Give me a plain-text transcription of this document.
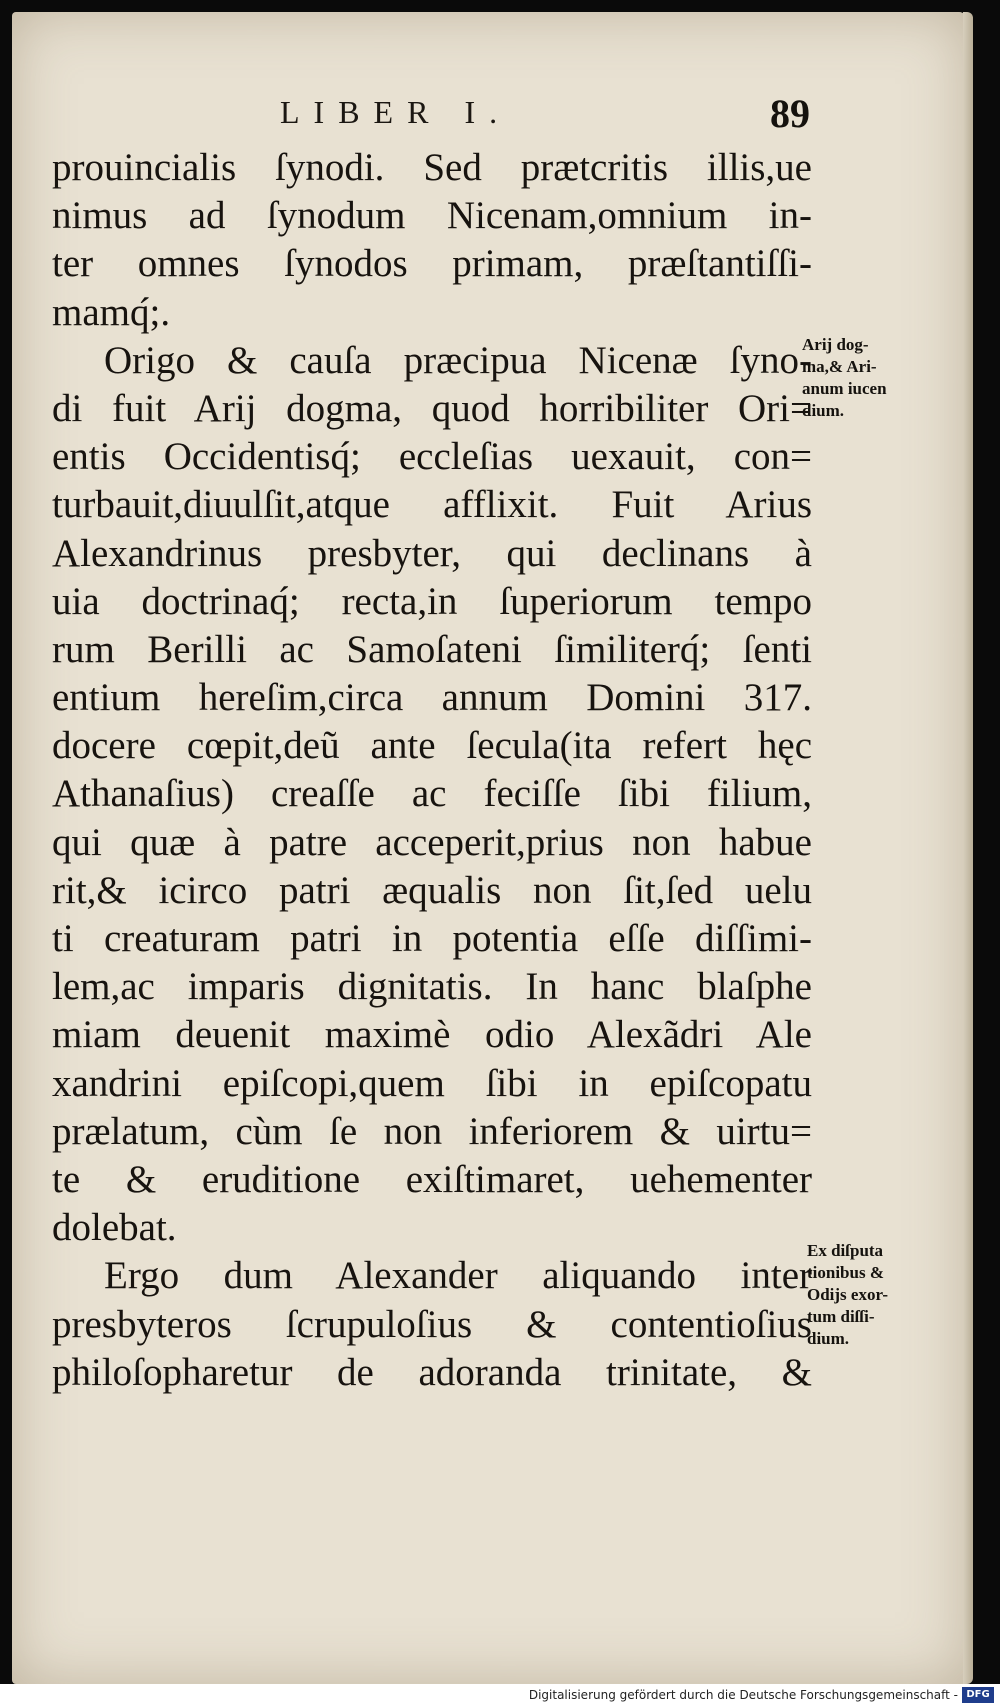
LIBER I.	89
prouincialis ſynodi. Sed prætcritis illis,ue
nimus ad ſynodum Nicenam,omnium in-
ter omnes ſynodos primam, præſtantiſſi-
mamq́;.
Origo & cauſa præcipua Nicenæ ſyno-
di fuit Arij dogma, quod horribiliter Ori=
entis Occidentisq́; eccleſias uexauit, con=
turbauit,diuulſit,atque afflixit. Fuit Arius
Alexandrinus presbyter, qui declinans à
uia doctrinaq́; recta,in ſuperiorum tempo
rum Berilli ac Samoſateni ſimiliterq́; ſenti
entium hereſim,circa annum Domini 317.
docere cœpit,deũ ante ſecula(ita refert hęc
Athanaſius) creaſſe ac feciſſe ſibi filium,
qui quæ à patre acceperit,prius non habue
rit,& icirco patri æqualis non ſit,ſed uelu
ti creaturam patri in potentia eſſe diſſimi-
lem,ac imparis dignitatis. In hanc blaſphe
miam deuenit maximè odio Alexãdri Ale
xandrini epiſcopi,quem ſibi in epiſcopatu
prælatum, cùm ſe non inferiorem & uirtu=
te & eruditione exiſtimaret, uehementer
dolebat.
Ergo dum Alexander aliquando inter
presbyteros ſcrupuloſius & contentioſius
philoſopharetur de adoranda trinitate, &
Arij dog-
ma,& Ari-
anum iucen
dium.
Ex diſputa
tionibus &
Odijs exor-
tum diſſi-
dium.
Digitalisierung gefördert durch die Deutsche Forschungsgemeinschaft - DFG
